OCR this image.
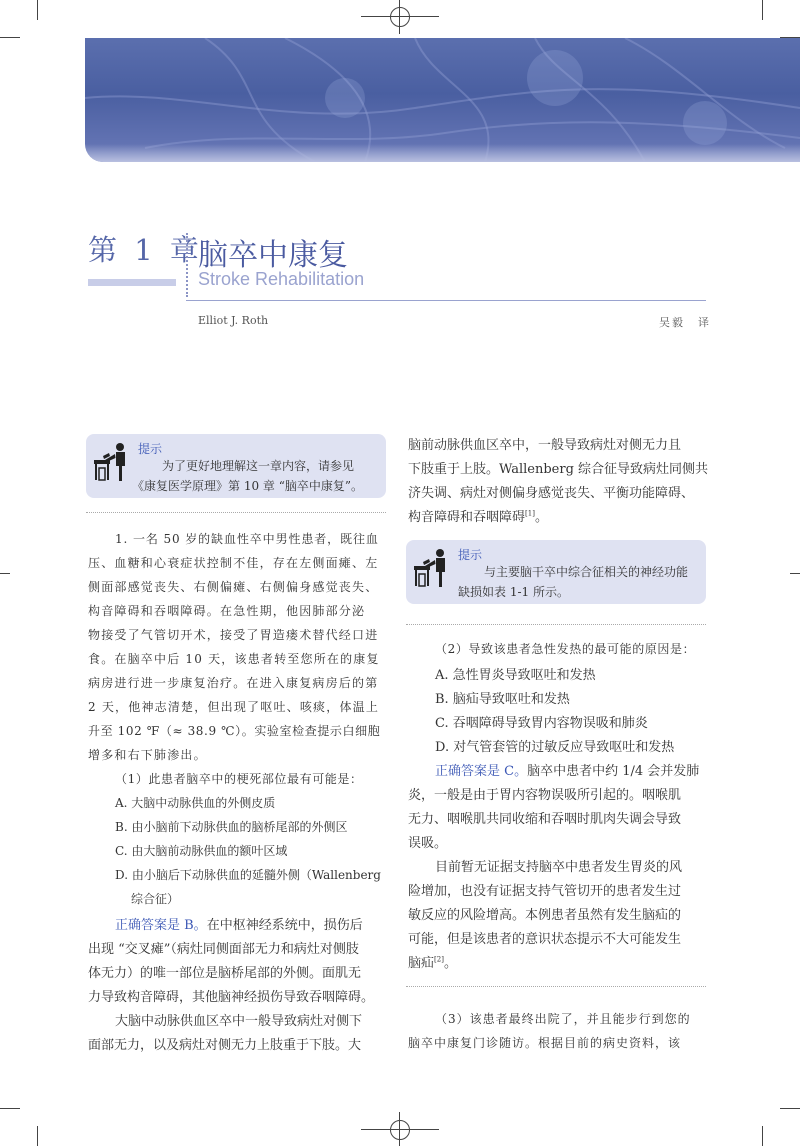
第 1 章
脑卒中康复
Stroke Rehabilitation
Elliot J. Roth	吴毅　译
提示
为了更好地理解这一章内容，请参见
《康复医学原理》第 10 章 “脑卒中康复”。
1. 一名 50 岁的缺血性卒中男性患者，既往血
压、血糖和心衰症状控制不佳，存在左侧面瘫、左
侧面部感觉丧失、右侧偏瘫、右侧偏身感觉丧失、
构音障碍和吞咽障碍。在急性期，他因肺部分泌
物接受了气管切开术，接受了胃造瘘术替代经口进
食。在脑卒中后 10 天，该患者转至您所在的康复
病房进行进一步康复治疗。在进入康复病房后的第
2 天，他神志清楚，但出现了呕吐、咳痰，体温上
升至 102 ℉（≈ 38.9 ℃）。实验室检查提示白细胞
增多和右下肺渗出。
（1）此患者脑卒中的梗死部位最有可能是：
A. 大脑中动脉供血的外侧皮质
B. 由小脑前下动脉供血的脑桥尾部的外侧区
C. 由大脑前动脉供血的额叶区域
D. 由小脑后下动脉供血的延髓外侧（Wallenberg
综合征）
正确答案是 B。在中枢神经系统中，损伤后
出现 “交叉瘫”（病灶同侧面部无力和病灶对侧肢
体无力）的唯一部位是脑桥尾部的外侧。面肌无
力导致构音障碍，其他脑神经损伤导致吞咽障碍。
大脑中动脉供血区卒中一般导致病灶对侧下
面部无力，以及病灶对侧无力上肢重于下肢。大
脑前动脉供血区卒中，一般导致病灶对侧无力且
下肢重于上肢。Wallenberg 综合征导致病灶同侧共
济失调、病灶对侧偏身感觉丧失、平衡功能障碍、
构音障碍和吞咽障碍[1]。
提示
与主要脑干卒中综合征相关的神经功能
缺损如表 1-1 所示。
（2）导致该患者急性发热的最可能的原因是：
A. 急性胃炎导致呕吐和发热
B. 脑疝导致呕吐和发热
C. 吞咽障碍导致胃内容物误吸和肺炎
D. 对气管套管的过敏反应导致呕吐和发热
正确答案是 C。脑卒中患者中约 1/4 会并发肺
炎，一般是由于胃内容物误吸所引起的。咽喉肌
无力、咽喉肌共同收缩和吞咽时肌肉失调会导致
误吸。
目前暂无证据支持脑卒中患者发生胃炎的风
险增加，也没有证据支持气管切开的患者发生过
敏反应的风险增高。本例患者虽然有发生脑疝的
可能，但是该患者的意识状态提示不大可能发生
脑疝[2]。
（3）该患者最终出院了，并且能步行到您的
脑卒中康复门诊随访。根据目前的病史资料，该
